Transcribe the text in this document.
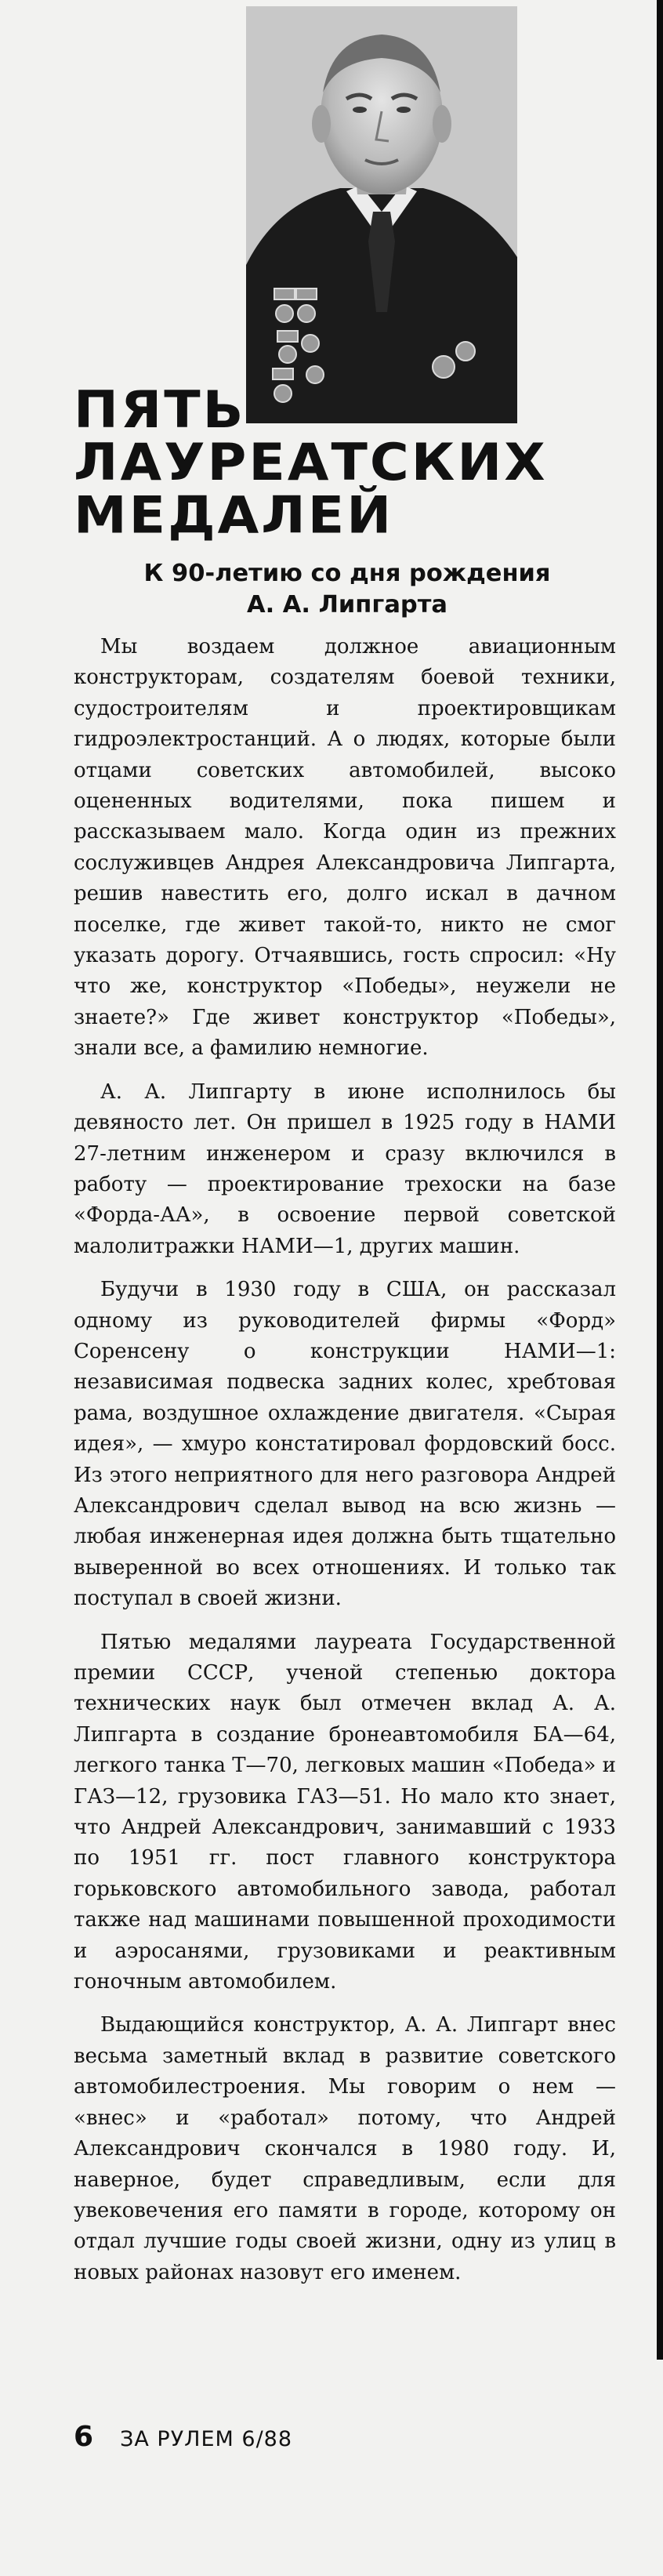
ПЯТЬ
ЛАУРЕАТСКИХ
МЕДАЛЕЙ
К 90-летию со дня рождения
А. А. Липгарта

Мы воздаем должное авиационным конструкторам, создателям боевой техники, судостроителям и проектировщикам гидроэлектростанций. А о людях, которые были отцами советских автомобилей, высоко оцененных водителями, пока пишем и рассказываем мало. Когда один из прежних сослуживцев Андрея Александровича Липгарта, решив навестить его, долго искал в дачном поселке, где живет такой-то, никто не смог указать дорогу. Отчаявшись, гость спросил: «Ну что же, конструктор «Победы», неужели не знаете?» Где живет конструктор «Победы», знали все, а фамилию немногие.

А. А. Липгарту в июне исполнилось бы девяносто лет. Он пришел в 1925 году в НАМИ 27-летним инженером и сразу включился в работу — проектирование трехоски на базе «Форда-АА», в освоение первой советской малолитражки НАМИ—1, других машин.

Будучи в 1930 году в США, он рассказал одному из руководителей фирмы «Форд» Соренсену о конструкции НАМИ—1: независимая подвеска задних колес, хребтовая рама, воздушное охлаждение двигателя. «Сырая идея», — хмуро констатировал фордовский босс. Из этого неприятного для него разговора Андрей Александрович сделал вывод на всю жизнь — любая инженерная идея должна быть тщательно выверенной во всех отношениях. И только так поступал в своей жизни.

Пятью медалями лауреата Государственной премии СССР, ученой степенью доктора технических наук был отмечен вклад А. А. Липгарта в создание бронеавтомобиля БА—64, легкого танка Т—70, легковых машин «Победа» и ГАЗ—12, грузовика ГАЗ—51. Но мало кто знает, что Андрей Александрович, занимавший с 1933 по 1951 гг. пост главного конструктора горьковского автомобильного завода, работал также над машинами повышенной проходимости и аэросанями, грузовиками и реактивным гоночным автомобилем.

Выдающийся конструктор, А. А. Липгарт внес весьма заметный вклад в развитие советского автомобилестроения. Мы говорим о нем — «внес» и «работал» потому, что Андрей Александрович скончался в 1980 году. И, наверное, будет справедливым, если для увековечения его памяти в городе, которому он отдал лучшие годы своей жизни, одну из улиц в новых районах назовут его именем.

6 ЗА РУЛЕМ 6/88
